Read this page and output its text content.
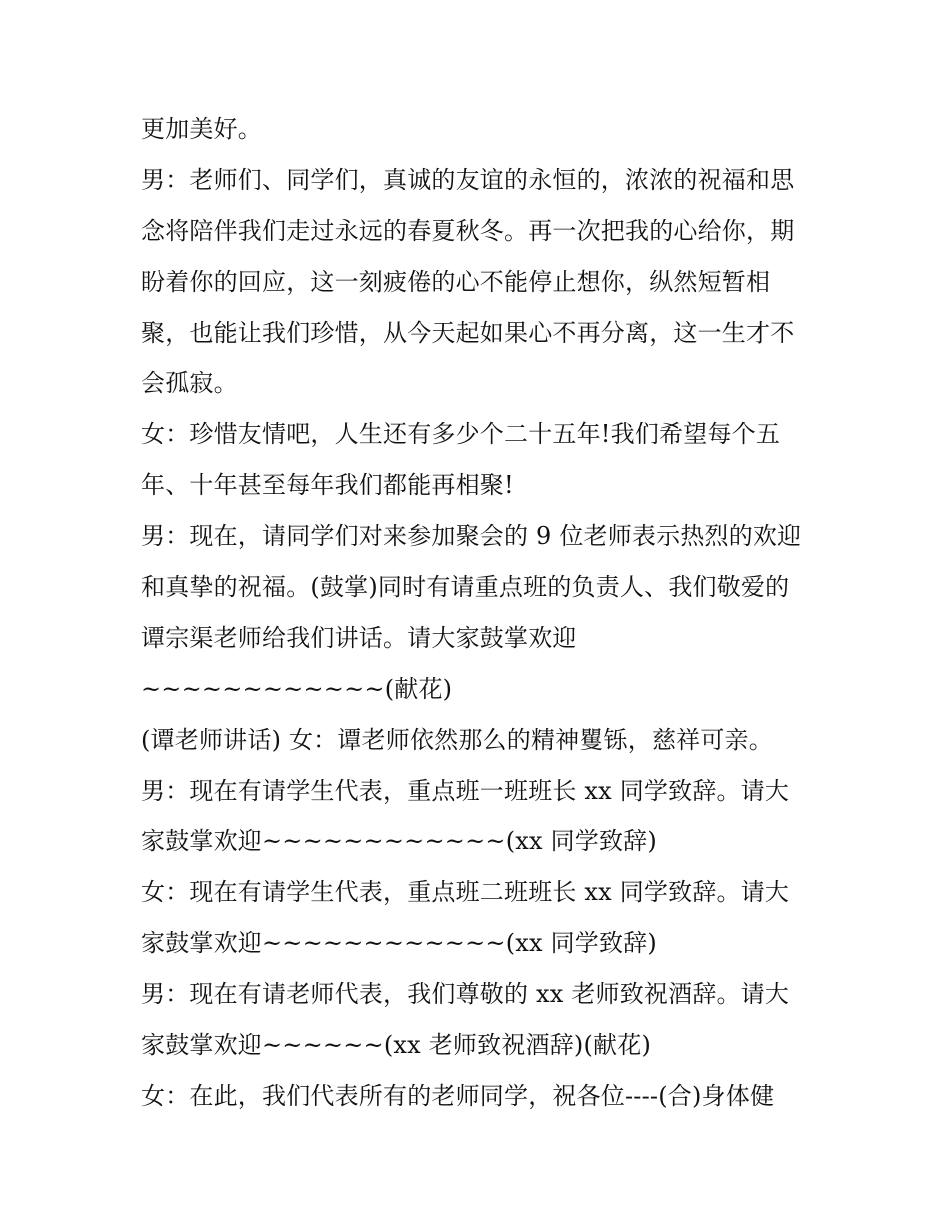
更加美好。
男：老师们、同学们，真诚的友谊的永恒的，浓浓的祝福和思
念将陪伴我们走过永远的春夏秋冬。再一次把我的心给你，期
盼着你的回应，这一刻疲倦的心不能停止想你，纵然短暂相
聚，也能让我们珍惜，从今天起如果心不再分离，这一生才不
会孤寂。
女：珍惜友情吧，人生还有多少个二十五年!我们希望每个五
年、十年甚至每年我们都能再相聚!
男：现在，请同学们对来参加聚会的 9 位老师表示热烈的欢迎
和真挚的祝福。(鼓掌)同时有请重点班的负责人、我们敬爱的
谭宗渠老师给我们讲话。请大家鼓掌欢迎
~~~~~~~~~~~~(献花)
(谭老师讲话) 女：谭老师依然那么的精神矍铄，慈祥可亲。
男：现在有请学生代表，重点班一班班长 xx 同学致辞。请大
家鼓掌欢迎~~~~~~~~~~~~(xx 同学致辞)
女：现在有请学生代表，重点班二班班长 xx 同学致辞。请大
家鼓掌欢迎~~~~~~~~~~~~(xx 同学致辞)
男：现在有请老师代表，我们尊敬的 xx 老师致祝酒辞。请大
家鼓掌欢迎~~~~~~(xx 老师致祝酒辞)(献花)
女：在此，我们代表所有的老师同学，祝各位----(合)身体健
